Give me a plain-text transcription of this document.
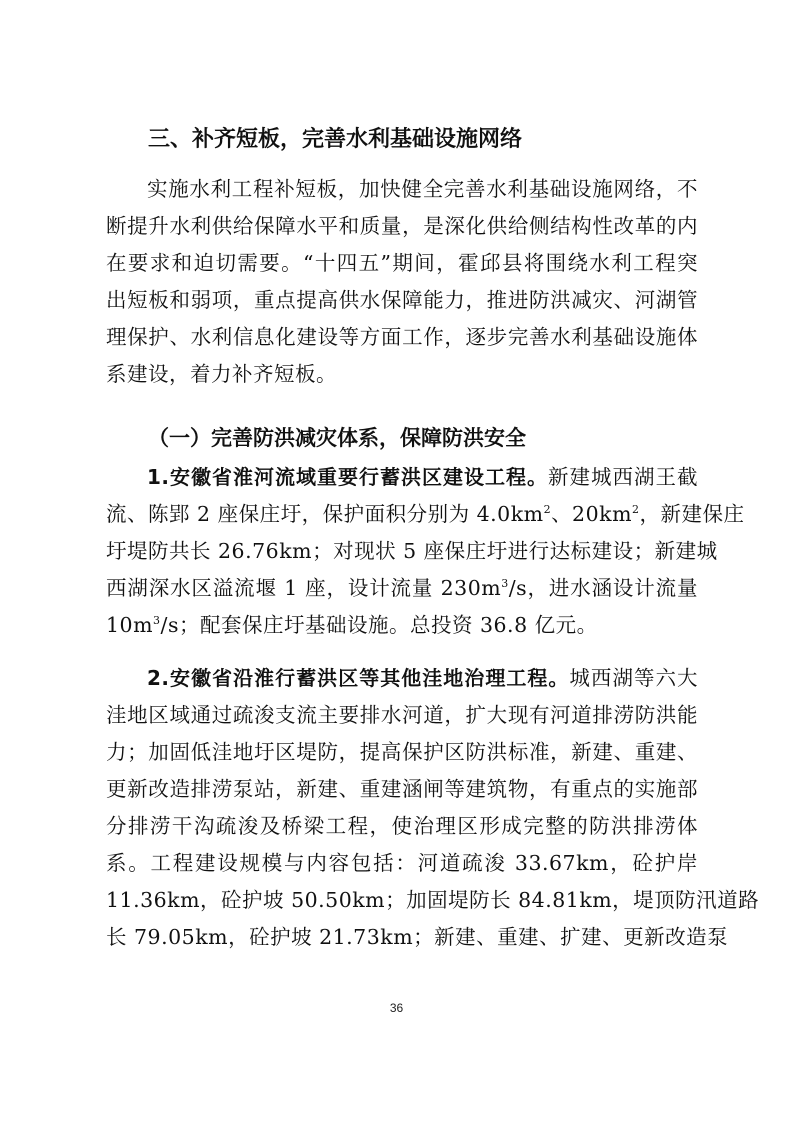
三、补齐短板，完善水利基础设施网络
实施水利工程补短板，加快健全完善水利基础设施网络，不
断提升水利供给保障水平和质量，是深化供给侧结构性改革的内
在要求和迫切需要。“十四五”期间，霍邱县将围绕水利工程突
出短板和弱项，重点提高供水保障能力，推进防洪减灾、河湖管
理保护、水利信息化建设等方面工作，逐步完善水利基础设施体
系建设，着力补齐短板。
（一）完善防洪减灾体系，保障防洪安全
1.安徽省淮河流域重要行蓄洪区建设工程。新建城西湖王截
流、陈郢 2 座保庄圩，保护面积分别为 $4.0km^2$、$20km^2$，新建保庄
圩堤防共长 26.76km；对现状 5 座保庄圩进行达标建设；新建城
西湖深水区溢流堰 1 座，设计流量 $230m^3/s$，进水涵设计流量
$10m^3/s$；配套保庄圩基础设施。总投资 36.8 亿元。
2.安徽省沿淮行蓄洪区等其他洼地治理工程。城西湖等六大
洼地区域通过疏浚支流主要排水河道，扩大现有河道排涝防洪能
力；加固低洼地圩区堤防，提高保护区防洪标准，新建、重建、
更新改造排涝泵站，新建、重建涵闸等建筑物，有重点的实施部
分排涝干沟疏浚及桥梁工程，使治理区形成完整的防洪排涝体
系。工程建设规模与内容包括：河道疏浚 33.67km，砼护岸
11.36km，砼护坡 50.50km；加固堤防长 84.81km，堤顶防汛道路
长 79.05km，砼护坡 21.73km；新建、重建、扩建、更新改造泵
36
